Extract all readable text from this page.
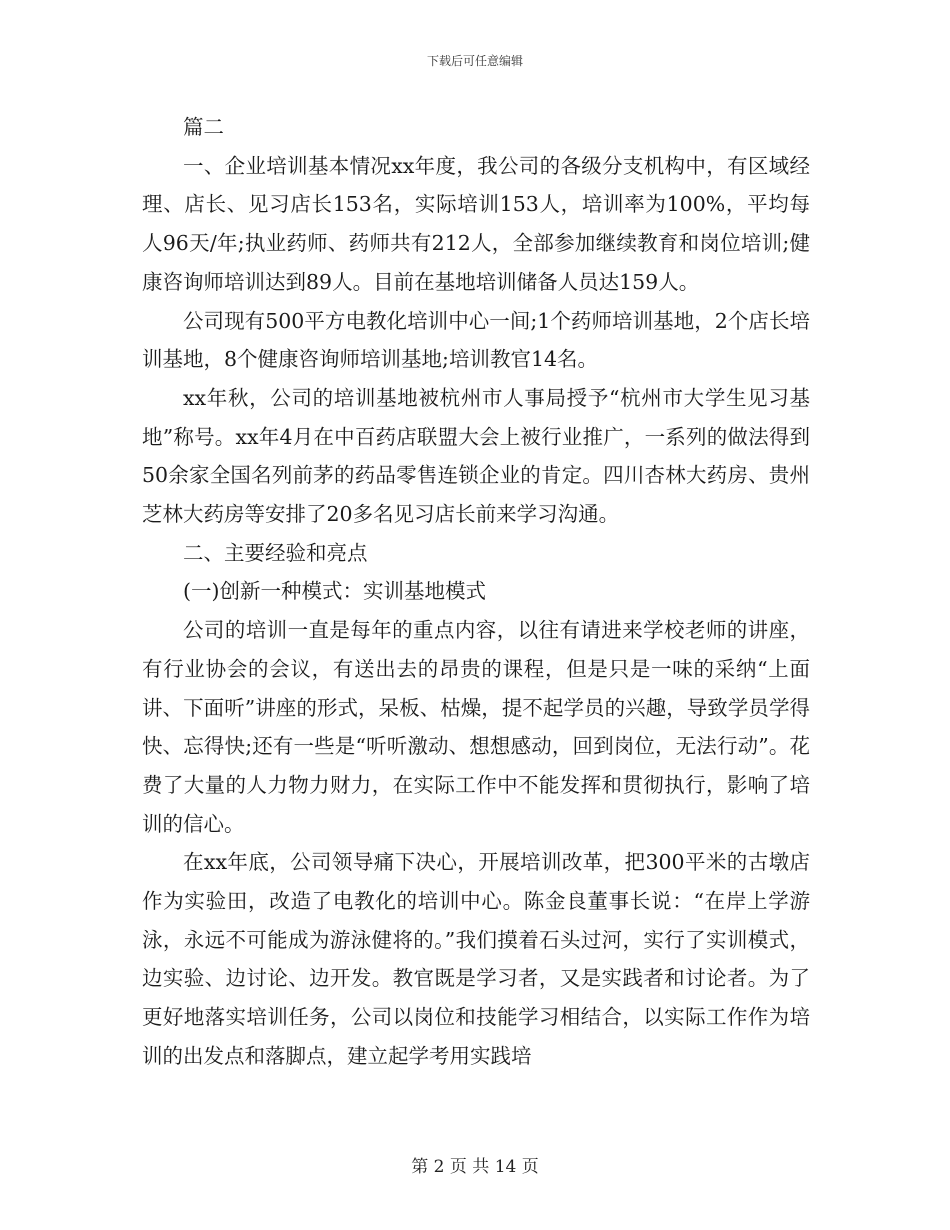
下载后可任意编辑

篇二

一、企业培训基本情况xx年度，我公司的各级分支机构中，有区域经理、店长、见习店长153名，实际培训153人，培训率为100%，平均每人96天/年;执业药师、药师共有212人，全部参加继续教育和岗位培训;健康咨询师培训达到89人。目前在基地培训储备人员达159人。

公司现有500平方电教化培训中心一间;1个药师培训基地，2个店长培训基地，8个健康咨询师培训基地;培训教官14名。

xx年秋，公司的培训基地被杭州市人事局授予“杭州市大学生见习基地”称号。xx年4月在中百药店联盟大会上被行业推广，一系列的做法得到50余家全国名列前茅的药品零售连锁企业的肯定。四川杏林大药房、贵州芝林大药房等安排了20多名见习店长前来学习沟通。

二、主要经验和亮点

(一)创新一种模式：实训基地模式

公司的培训一直是每年的重点内容，以往有请进来学校老师的讲座，有行业协会的会议，有送出去的昂贵的课程，但是只是一味的采纳“上面讲、下面听”讲座的形式，呆板、枯燥，提不起学员的兴趣，导致学员学得快、忘得快;还有一些是“听听激动、想想感动，回到岗位，无法行动”。花费了大量的人力物力财力，在实际工作中不能发挥和贯彻执行，影响了培训的信心。

在xx年底，公司领导痛下决心，开展培训改革，把300平米的古墩店作为实验田，改造了电教化的培训中心。陈金良董事长说：“在岸上学游泳，永远不可能成为游泳健将的。”我们摸着石头过河，实行了实训模式，边实验、边讨论、边开发。教官既是学习者，又是实践者和讨论者。为了更好地落实培训任务，公司以岗位和技能学习相结合，以实际工作作为培训的出发点和落脚点，建立起学考用实践培

第 2 页 共 14 页
